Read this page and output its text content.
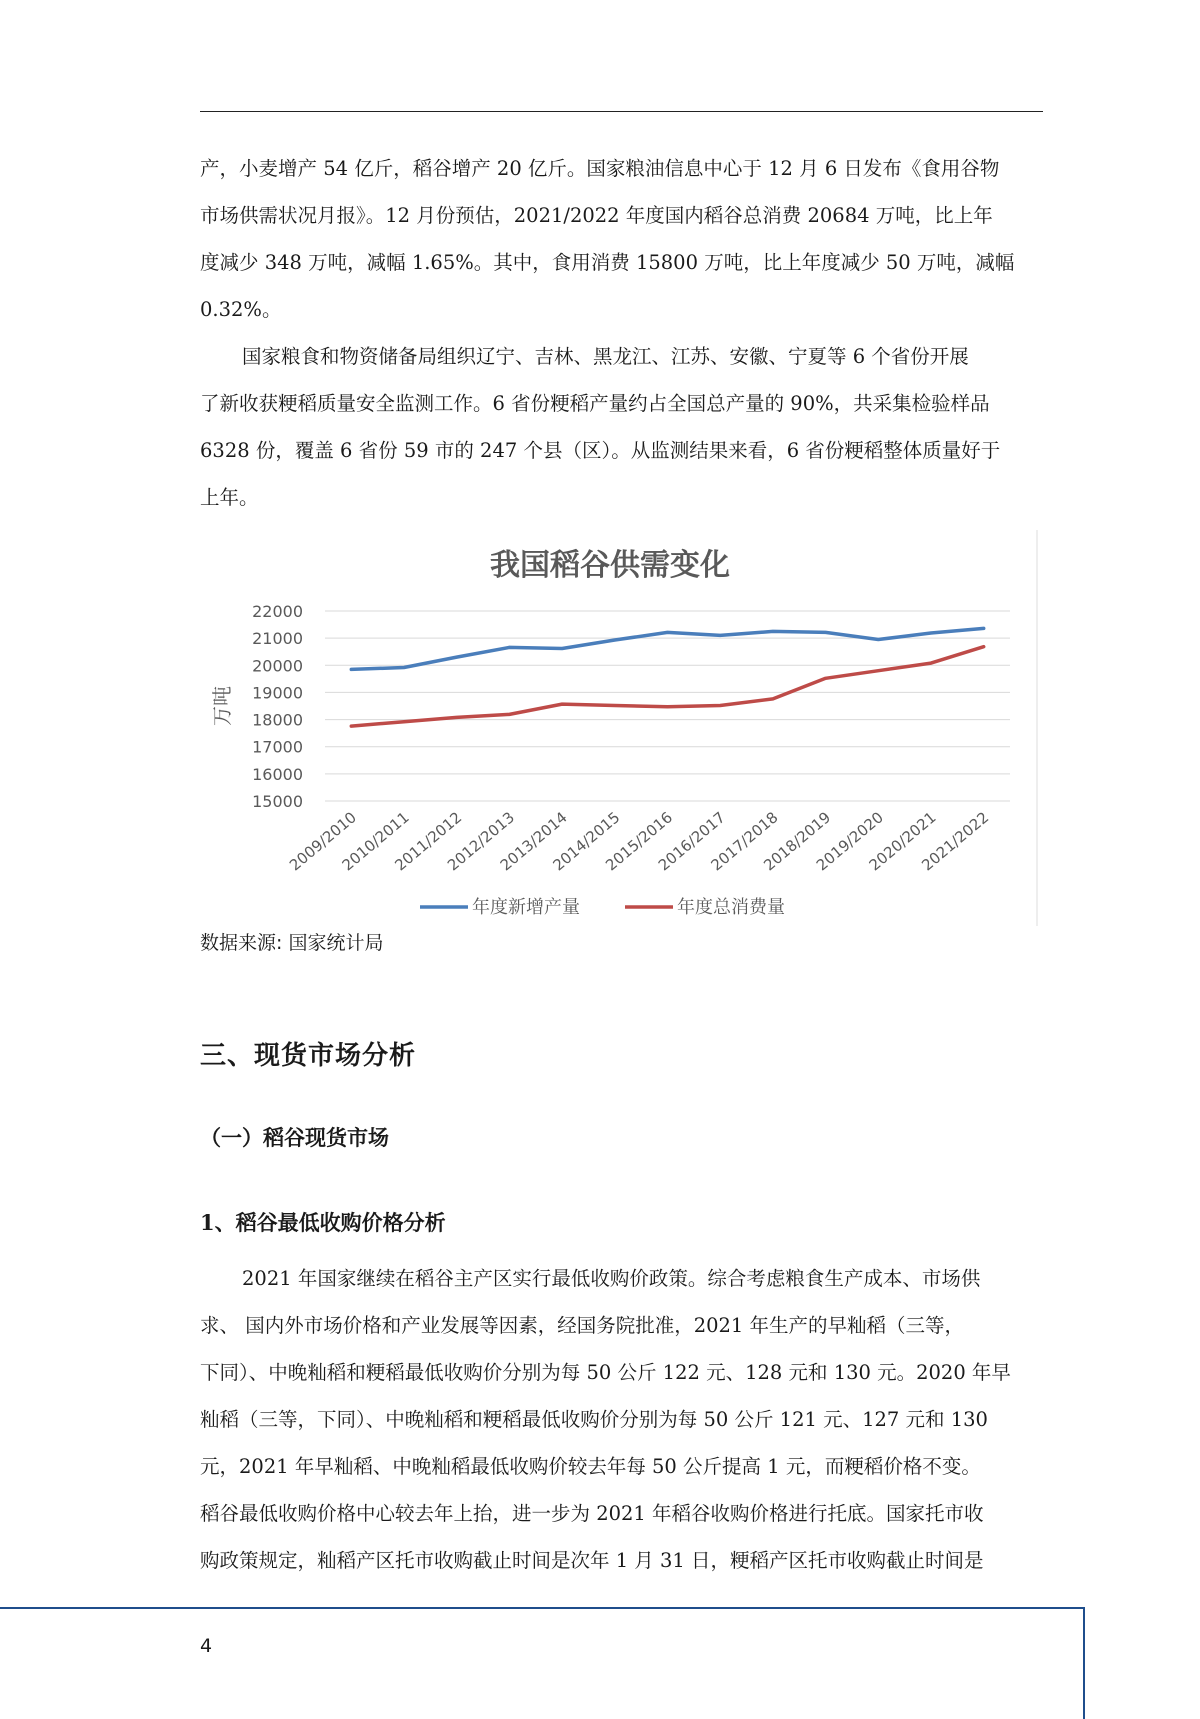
产，小麦增产 54 亿斤，稻谷增产 20 亿斤。国家粮油信息中心于 12 月 6 日发布《食用谷物
市场供需状况月报》。12 月份预估，2021/2022 年度国内稻谷总消费 20684 万吨，比上年
度减少 348 万吨，减幅 1.65%。其中，食用消费 15800 万吨，比上年度减少 50 万吨，减幅
0.32%。
国家粮食和物资储备局组织辽宁、吉林、黑龙江、江苏、安徽、宁夏等 6 个省份开展
了新收获粳稻质量安全监测工作。6 省份粳稻产量约占全国总产量的 90%，共采集检验样品
6328 份，覆盖 6 省份 59 市的 247 个县（区）。从监测结果来看，6 省份粳稻整体质量好于
上年。
我国稻谷供需变化
15000
16000
17000
18000
19000
20000
21000
22000
万吨
2009/2010
2010/2011
2011/2012
2012/2013
2013/2014
2014/2015
2015/2016
2016/2017
2017/2018
2018/2019
2019/2020
2020/2021
2021/2022
年度新增产量	年度总消费量
数据来源: 国家统计局
三、现货市场分析
（一）稻谷现货市场
1、稻谷最低收购价格分析
2021 年国家继续在稻谷主产区实行最低收购价政策。综合考虑粮食生产成本、市场供
求、 国内外市场价格和产业发展等因素，经国务院批准，2021 年生产的早籼稻（三等，
下同）、中晚籼稻和粳稻最低收购价分别为每 50 公斤 122 元、128 元和 130 元。2020 年早
籼稻（三等，下同）、中晚籼稻和粳稻最低收购价分别为每 50 公斤 121 元、127 元和 130
元，2021 年早籼稻、中晚籼稻最低收购价较去年每 50 公斤提高 1 元，而粳稻价格不变。
稻谷最低收购价格中心较去年上抬，进一步为 2021 年稻谷收购价格进行托底。国家托市收
购政策规定，籼稻产区托市收购截止时间是次年 1 月 31 日，粳稻产区托市收购截止时间是
4
